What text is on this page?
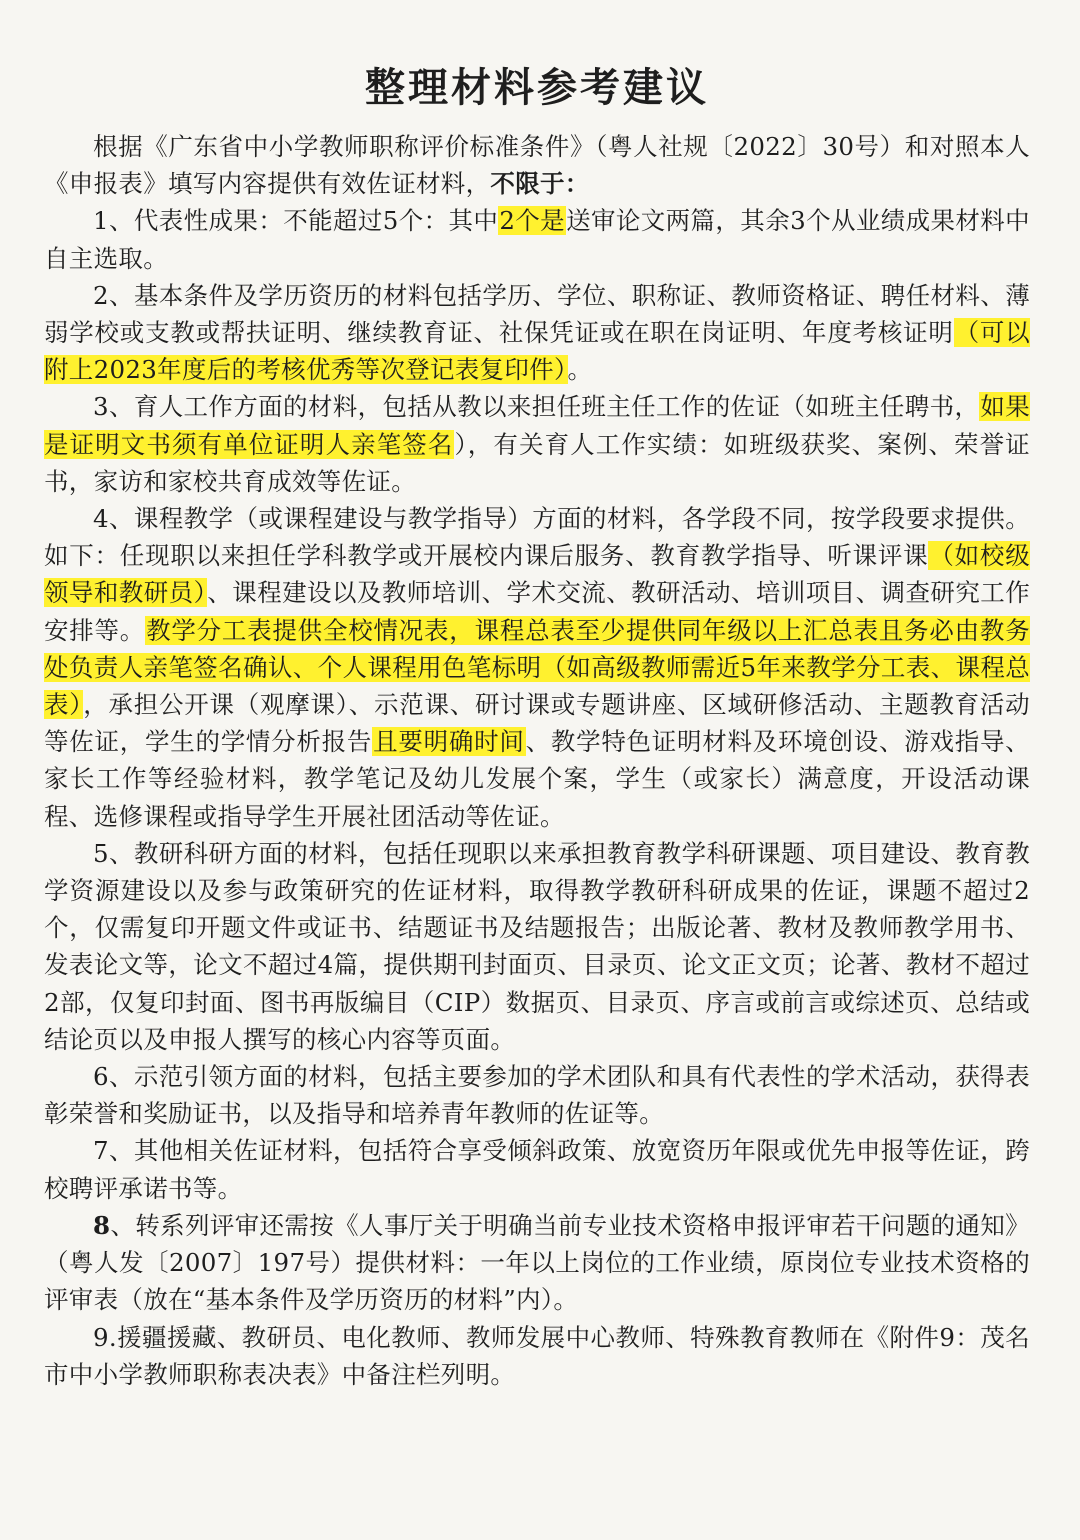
整理材料参考建议

根据《广东省中小学教师职称评价标准条件》（粤人社规〔2022〕30号）和对照本人《申报表》填写内容提供有效佐证材料，不限于：

1、代表性成果：不能超过5个：其中2个是送审论文两篇，其余3个从业绩成果材料中自主选取。

2、基本条件及学历资历的材料包括学历、学位、职称证、教师资格证、聘任材料、薄弱学校或支教或帮扶证明、继续教育证、社保凭证或在职在岗证明、年度考核证明（可以附上2023年度后的考核优秀等次登记表复印件）。

3、育人工作方面的材料，包括从教以来担任班主任工作的佐证（如班主任聘书，如果是证明文书须有单位证明人亲笔签名），有关育人工作实绩：如班级获奖、案例、荣誉证书，家访和家校共育成效等佐证。

4、课程教学（或课程建设与教学指导）方面的材料，各学段不同，按学段要求提供。如下：任现职以来担任学科教学或开展校内课后服务、教育教学指导、听课评课（如校级领导和教研员）、课程建设以及教师培训、学术交流、教研活动、培训项目、调查研究工作安排等。教学分工表提供全校情况表，课程总表至少提供同年级以上汇总表且务必由教务处负责人亲笔签名确认、个人课程用色笔标明（如高级教师需近5年来教学分工表、课程总表），承担公开课（观摩课）、示范课、研讨课或专题讲座、区域研修活动、主题教育活动等佐证，学生的学情分析报告且要明确时间、教学特色证明材料及环境创设、游戏指导、家长工作等经验材料，教学笔记及幼儿发展个案，学生（或家长）满意度，开设活动课程、选修课程或指导学生开展社团活动等佐证。

5、教研科研方面的材料，包括任现职以来承担教育教学科研课题、项目建设、教育教学资源建设以及参与政策研究的佐证材料，取得教学教研科研成果的佐证，课题不超过2个，仅需复印开题文件或证书、结题证书及结题报告；出版论著、教材及教师教学用书、发表论文等，论文不超过4篇，提供期刊封面页、目录页、论文正文页；论著、教材不超过2部，仅复印封面、图书再版编目（CIP）数据页、目录页、序言或前言或综述页、总结或结论页以及申报人撰写的核心内容等页面。

6、示范引领方面的材料，包括主要参加的学术团队和具有代表性的学术活动，获得表彰荣誉和奖励证书，以及指导和培养青年教师的佐证等。

7、其他相关佐证材料，包括符合享受倾斜政策、放宽资历年限或优先申报等佐证，跨校聘评承诺书等。

8、转系列评审还需按《人事厅关于明确当前专业技术资格申报评审若干问题的通知》（粤人发〔2007〕197号）提供材料：一年以上岗位的工作业绩，原岗位专业技术资格的评审表（放在“基本条件及学历资历的材料”内）。

9.援疆援藏、教研员、电化教师、教师发展中心教师、特殊教育教师在《附件9：茂名市中小学教师职称表决表》中备注栏列明。
